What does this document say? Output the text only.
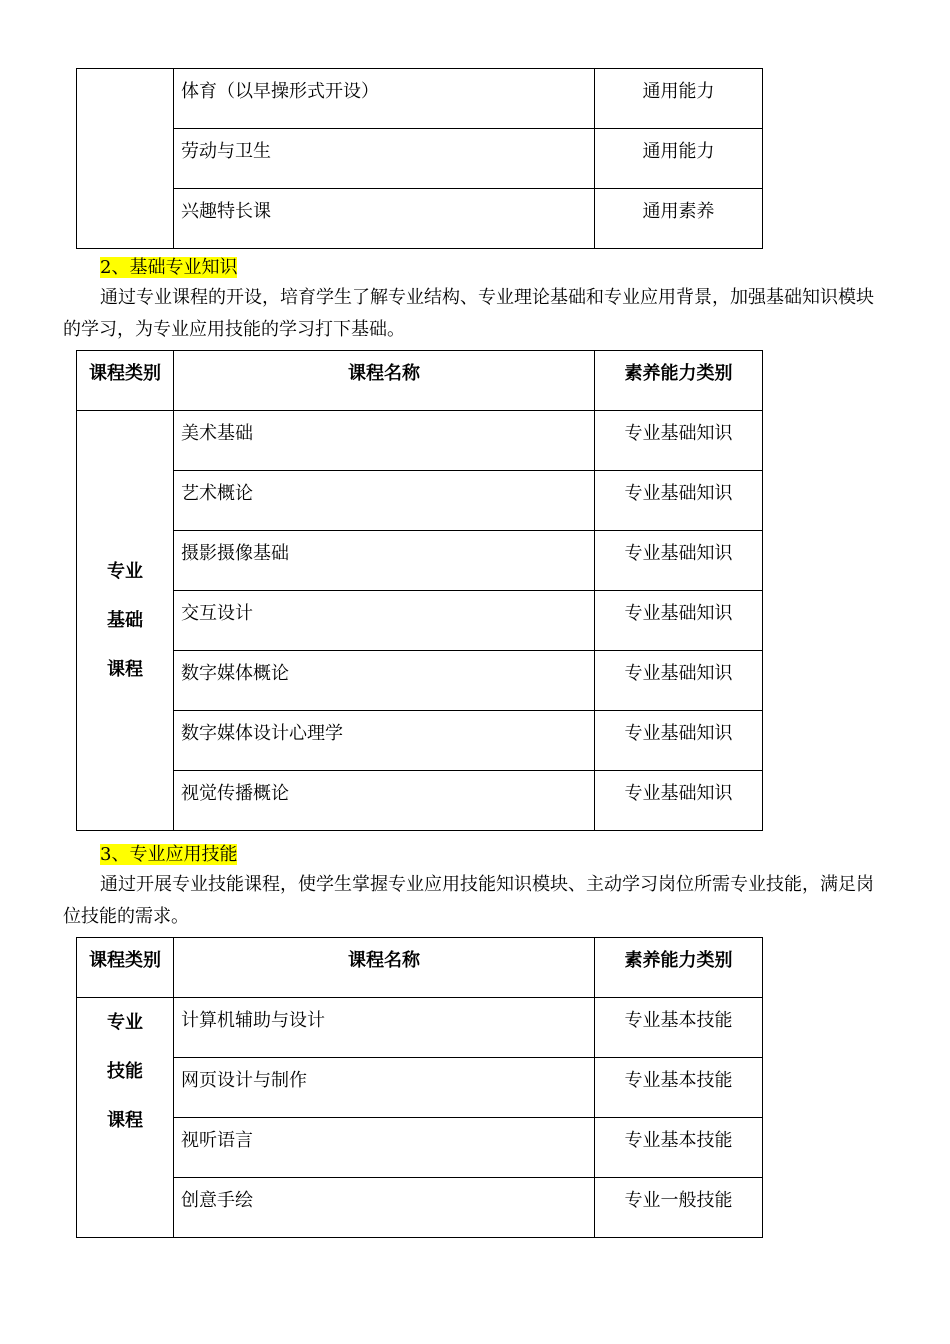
	体育（以早操形式开设）	通用能力

	劳动与卫生	通用能力

	兴趣特长课	通用素养
2、基础专业知识

通过专业课程的开设，培育学生了解专业结构、专业理论基础和专业应用背景，加强基础知识模块的学习，为专业应用技能的学习打下基础。

课程类别	课程名称	素养能力类别

专业
基础
课程	美术基础	专业基础知识

	艺术概论	专业基础知识

	摄影摄像基础	专业基础知识

	交互设计	专业基础知识

	数字媒体概论	专业基础知识

	数字媒体设计心理学	专业基础知识

	视觉传播概论	专业基础知识
3、专业应用技能

通过开展专业技能课程，使学生掌握专业应用技能知识模块、主动学习岗位所需专业技能，满足岗位技能的需求。

课程类别	课程名称	素养能力类别

专业
技能
课程	计算机辅助与设计	专业基本技能

	网页设计与制作	专业基本技能

	视听语言	专业基本技能

	创意手绘	专业一般技能
